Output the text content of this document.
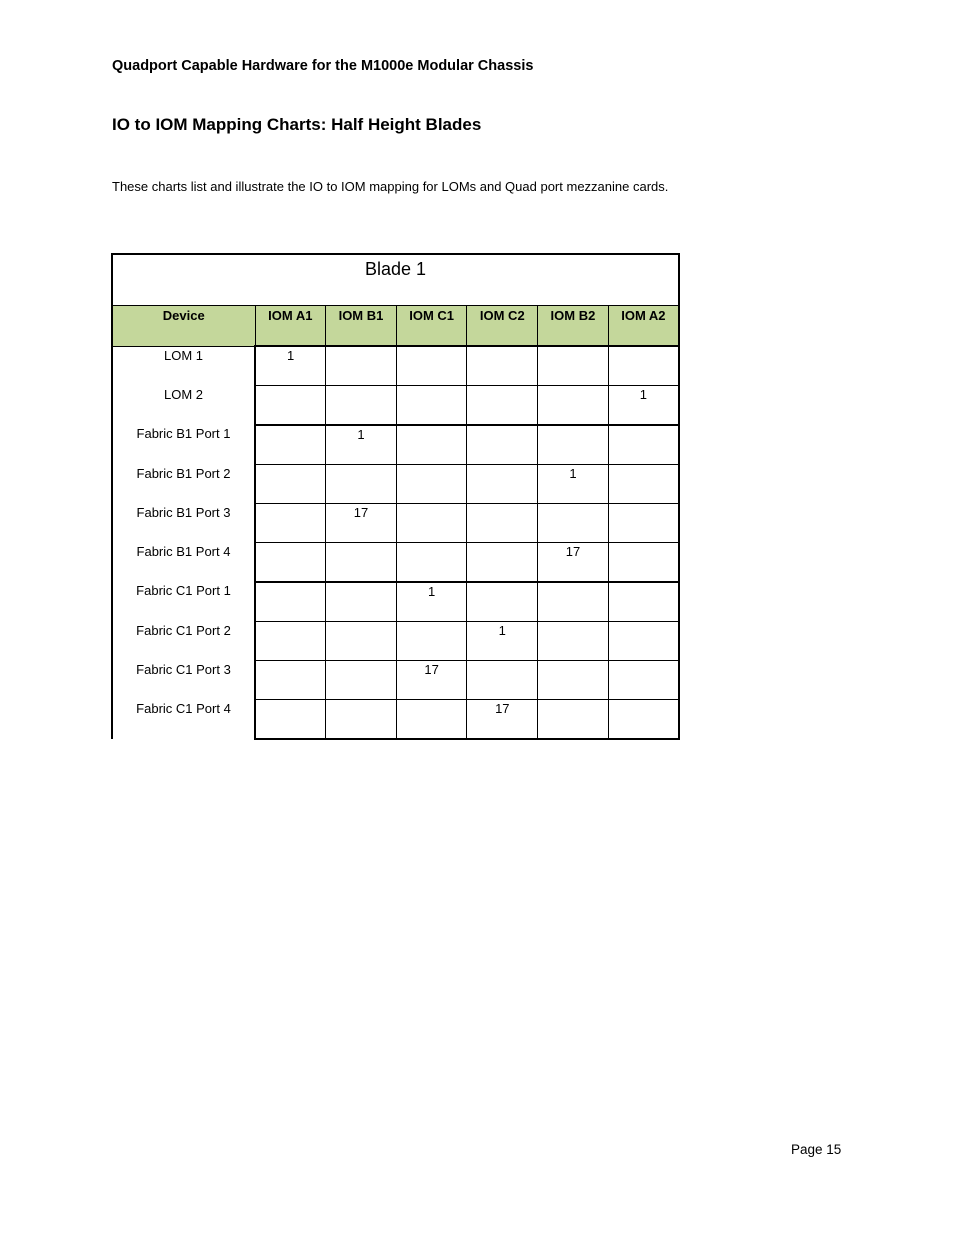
Quadport Capable Hardware for the M1000e Modular Chassis
IO to IOM Mapping Charts: Half Height Blades
These charts list and illustrate the IO to IOM mapping for LOMs and Quad port mezzanine cards.
Blade 1						
Device	IOM A1	IOM B1	IOM C1	IOM C2	IOM B2	IOM A2
LOM 1	1					
LOM 2						1
Fabric B1 Port 1		1				
Fabric B1 Port 2					1	
Fabric B1 Port 3		17				
Fabric B1 Port 4					17	
Fabric C1 Port 1			1			
Fabric C1 Port 2				1		
Fabric C1 Port 3			17			
Fabric C1 Port 4				17		
Page 15
